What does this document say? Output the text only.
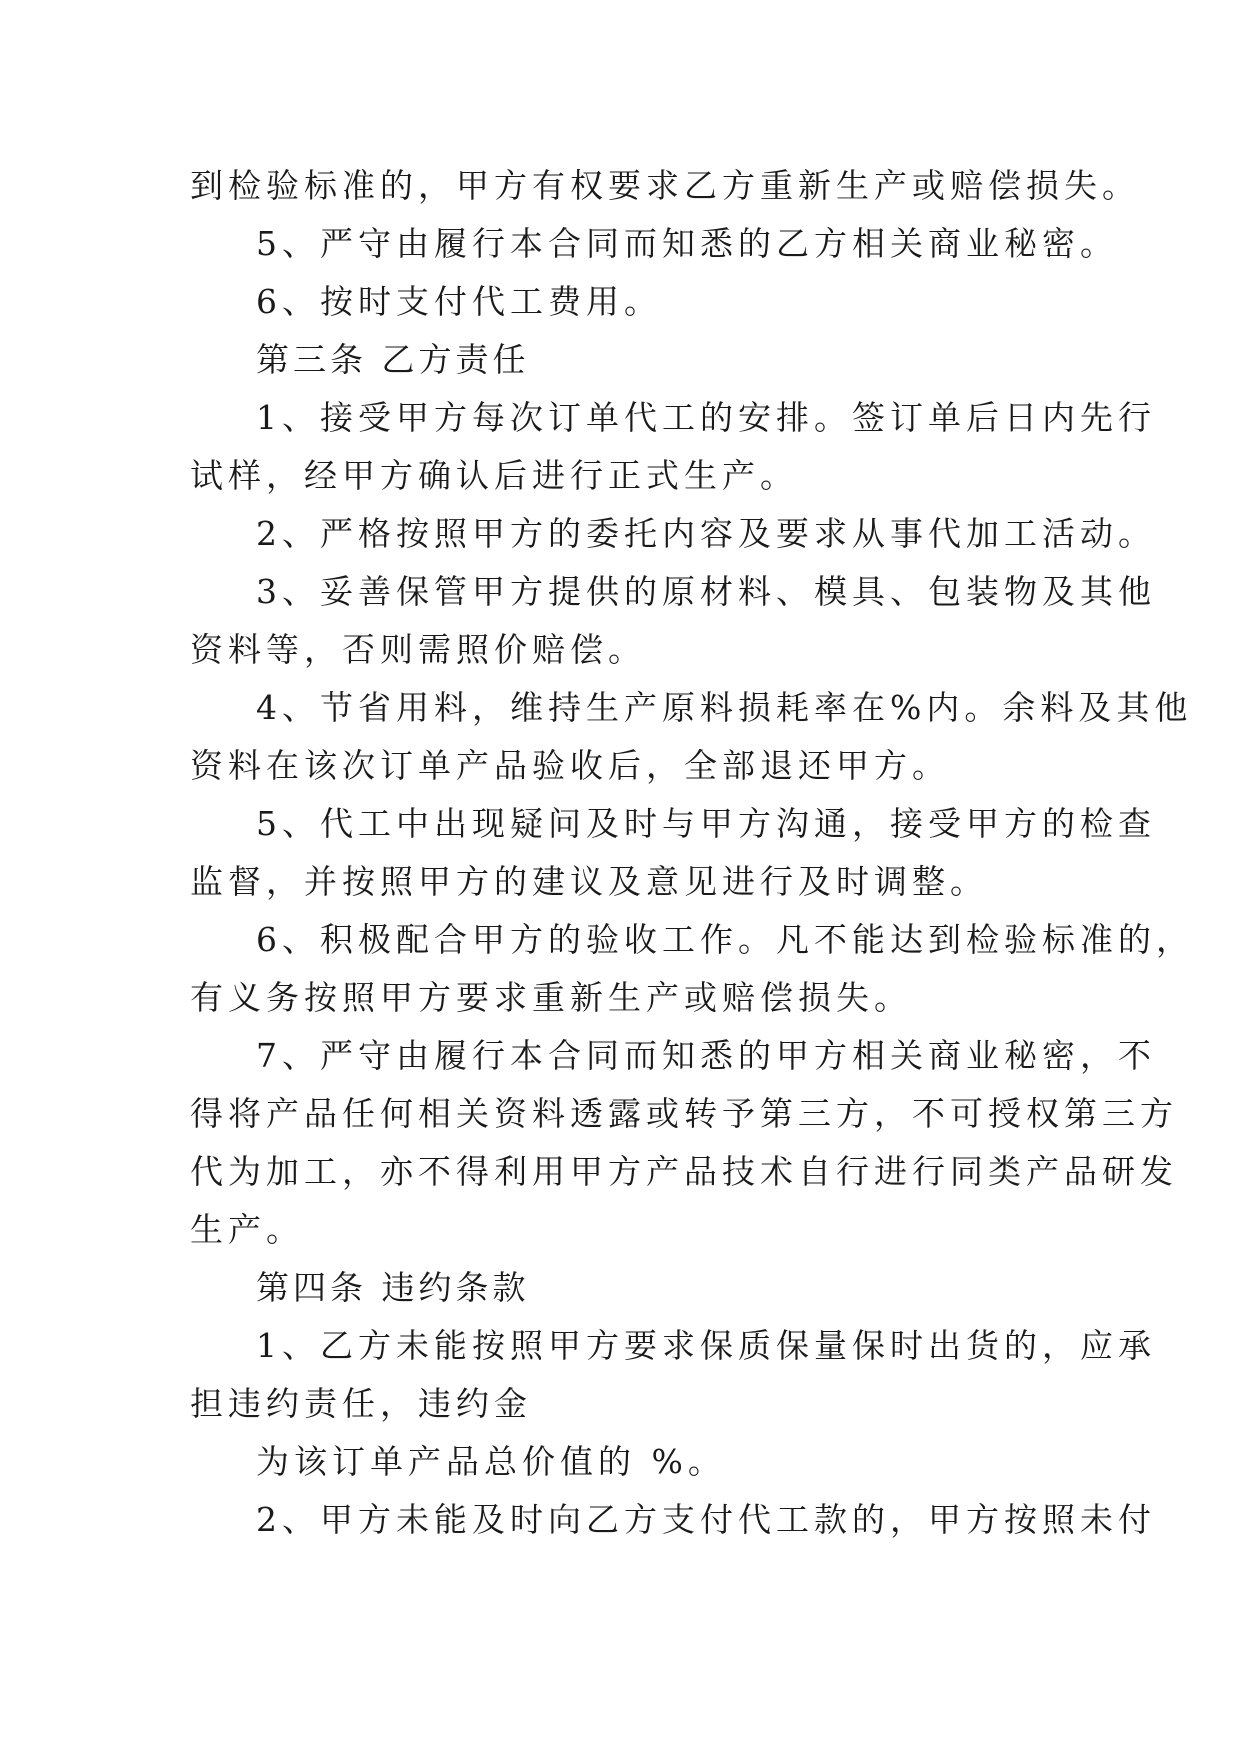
到检验标准的，甲方有权要求乙方重新生产或赔偿损失。
5、严守由履行本合同而知悉的乙方相关商业秘密。
6、按时支付代工费用。
第三条 乙方责任
1、接受甲方每次订单代工的安排。签订单后日内先行
试样，经甲方确认后进行正式生产。
2、严格按照甲方的委托内容及要求从事代加工活动。
3、妥善保管甲方提供的原材料、模具、包装物及其他
资料等，否则需照价赔偿。
4、节省用料，维持生产原料损耗率在%内。余料及其他
资料在该次订单产品验收后，全部退还甲方。
5、代工中出现疑问及时与甲方沟通，接受甲方的检查
监督，并按照甲方的建议及意见进行及时调整。
6、积极配合甲方的验收工作。凡不能达到检验标准的，
有义务按照甲方要求重新生产或赔偿损失。
7、严守由履行本合同而知悉的甲方相关商业秘密，不
得将产品任何相关资料透露或转予第三方，不可授权第三方
代为加工，亦不得利用甲方产品技术自行进行同类产品研发
生产。
第四条 违约条款
1、乙方未能按照甲方要求保质保量保时出货的，应承
担违约责任，违约金
为该订单产品总价值的 %。
2、甲方未能及时向乙方支付代工款的，甲方按照未付
